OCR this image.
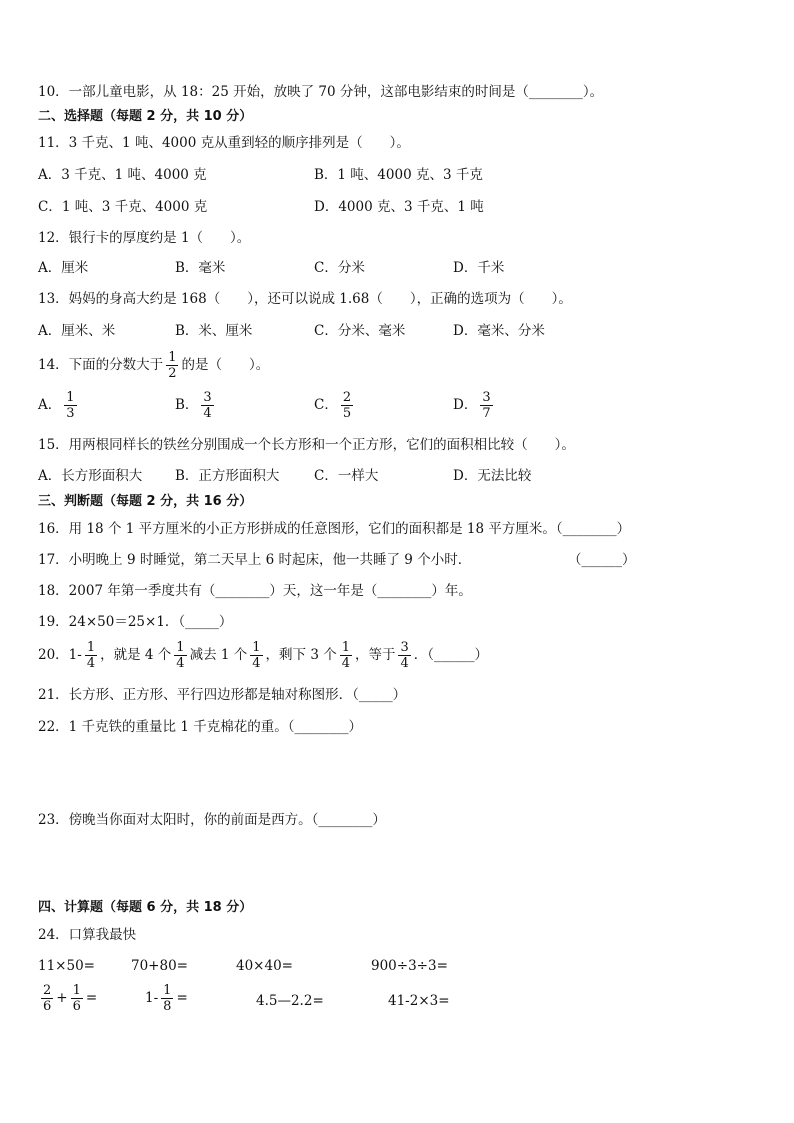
10．一部儿童电影，从 18：25 开始，放映了 70 分钟，这部电影结束的时间是（________）。
二、选择题（每题 2 分，共 10 分）
11．3 千克、1 吨、4000 克从重到轻的顺序排列是（　　）。
A．3 千克、1 吨、4000 克	B．1 吨、4000 克、3 千克
C．1 吨、3 千克、4000 克	D．4000 克、3 千克、1 吨
12．银行卡的厚度约是 1（　　）。
A．厘米	B．毫米	C．分米	D．千米
13．妈妈的身高大约是 168（　　），还可以说成 1.68（　　），正确的选项为（　　）。
A．厘米、米	B．米、厘米	C．分米、毫米	D．毫米、分米
14．下面的分数大于 $\frac{1}{2}$ 的是（　　）。
A． $\frac{1}{3}$	B． $\frac{3}{4}$	C． $\frac{2}{5}$	D． $\frac{3}{7}$
15．用两根同样长的铁丝分别围成一个长方形和一个正方形，它们的面积相比较（　　）。
A．长方形面积大 B．正方形面积大	C．一样大	D．无法比较
三、判断题（每题 2 分，共 16 分）
16．用 18 个 1 平方厘米的小正方形拼成的任意图形，它们的面积都是 18 平方厘米。（________）
17．小明晚上 9 时睡觉，第二天早上 6 时起床，他一共睡了 9 个小时．	（______）
18．2007 年第一季度共有（________）天，这一年是（________）年。
19．24×50＝25×1．（_____）
20．$1- \frac{1}{4}$ ，就是 4 个 $\frac{1}{4}$ 减去 1 个 $\frac{1}{4}$ ，剩下 3 个 $\frac{1}{4}$ ，等于 $\frac{3}{4}$ ．（______）
21．长方形、正方形、平行四边形都是轴对称图形．（_____）
22．1 千克铁的重量比 1 千克棉花的重。（________）
23．傍晚当你面对太阳时，你的前面是西方。（________）
四、计算题（每题 6 分，共 18 分）
24．口算我最快
11×50=	70+80=	40×40=	900÷3÷3=
$\frac{2}{6} + \frac{1}{6}$ =	$1- \frac{1}{8}$ =	4.5—2.2=	41-2×3=
